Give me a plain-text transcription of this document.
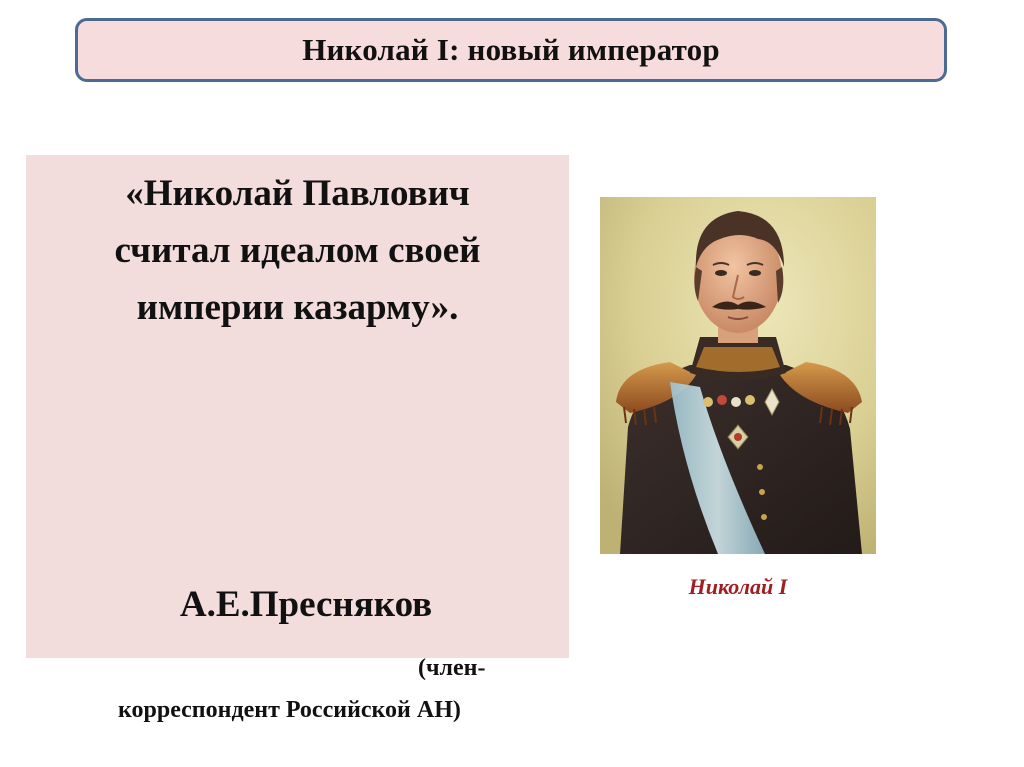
Николай I: новый император
«Николай Павлович
считал идеалом своей
империи казарму».
А.Е.Пресняков
(член-
корреспондент Российской АН)
Николай I
